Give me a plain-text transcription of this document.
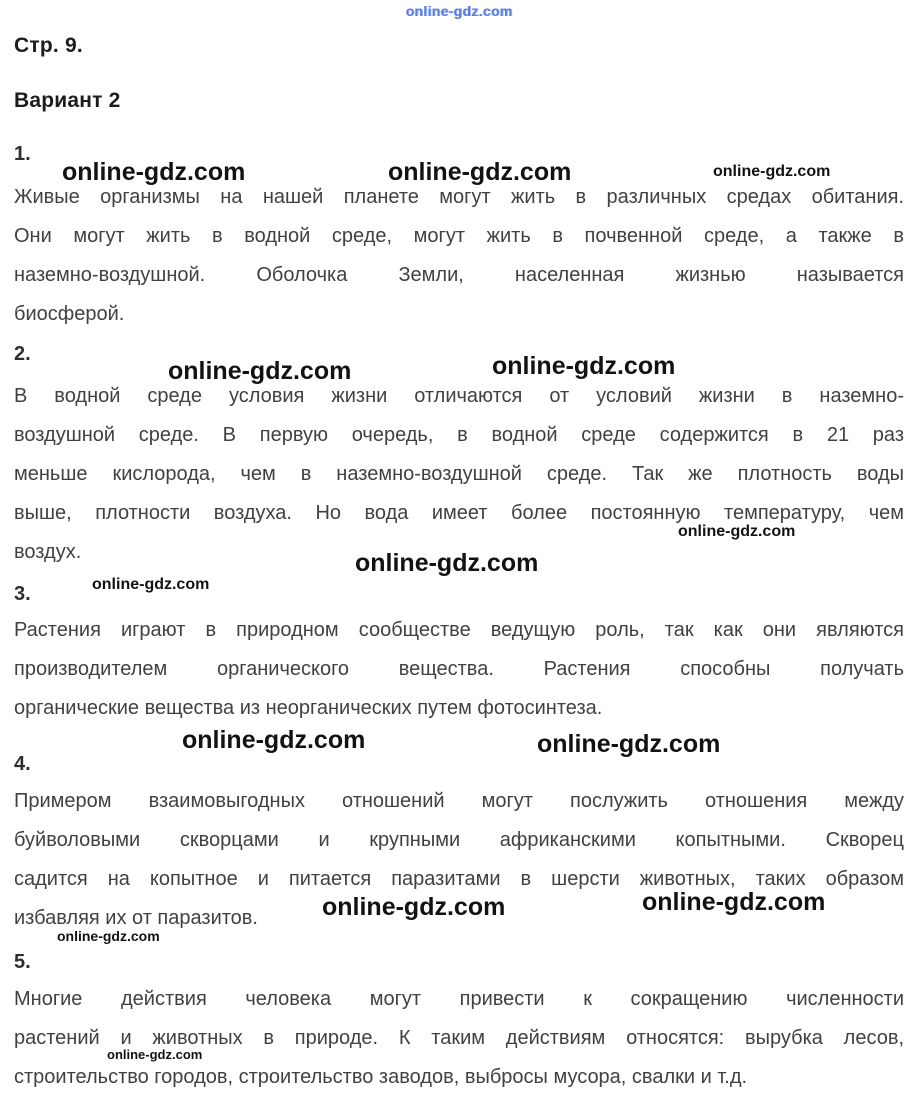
online-gdz.com
Стр. 9.
Вариант 2
1.
Живые организмы на нашей планете могут жить в различных средах обитания.
Они могут жить в водной среде, могут жить в почвенной среде, а также в
наземно-воздушной. Оболочка Земли, населенная жизнью называется
биосферой.
2.
В водной среде условия жизни отличаются от условий жизни в наземно-
воздушной среде. В первую очередь, в водной среде содержится в 21 раз
меньше кислорода, чем в наземно-воздушной среде. Так же плотность воды
выше, плотности воздуха. Но вода имеет более постоянную температуру, чем
воздух.
3.
Растения играют в природном сообществе ведущую роль, так как они являются
производителем органического вещества. Растения способны получать
органические вещества из неорганических путем фотосинтеза.
4.
Примером взаимовыгодных отношений могут послужить отношения между
буйволовыми скворцами и крупными африканскими копытными. Скворец
садится на копытное и питается паразитами в шерсти животных, таких образом
избавляя их от паразитов.
5.
Многие действия человека могут привести к сокращению численности
растений и животных в природе. К таким действиям относятся: вырубка лесов,
строительство городов, строительство заводов, выбросы мусора, свалки и т.д.
online-gdz.com	online-gdz.com	online-gdz.com
online-gdz.com	online-gdz.com
online-gdz.com
online-gdz.com
online-gdz.com
online-gdz.com	online-gdz.com
online-gdz.com	online-gdz.com
online-gdz.com
online-gdz.com
